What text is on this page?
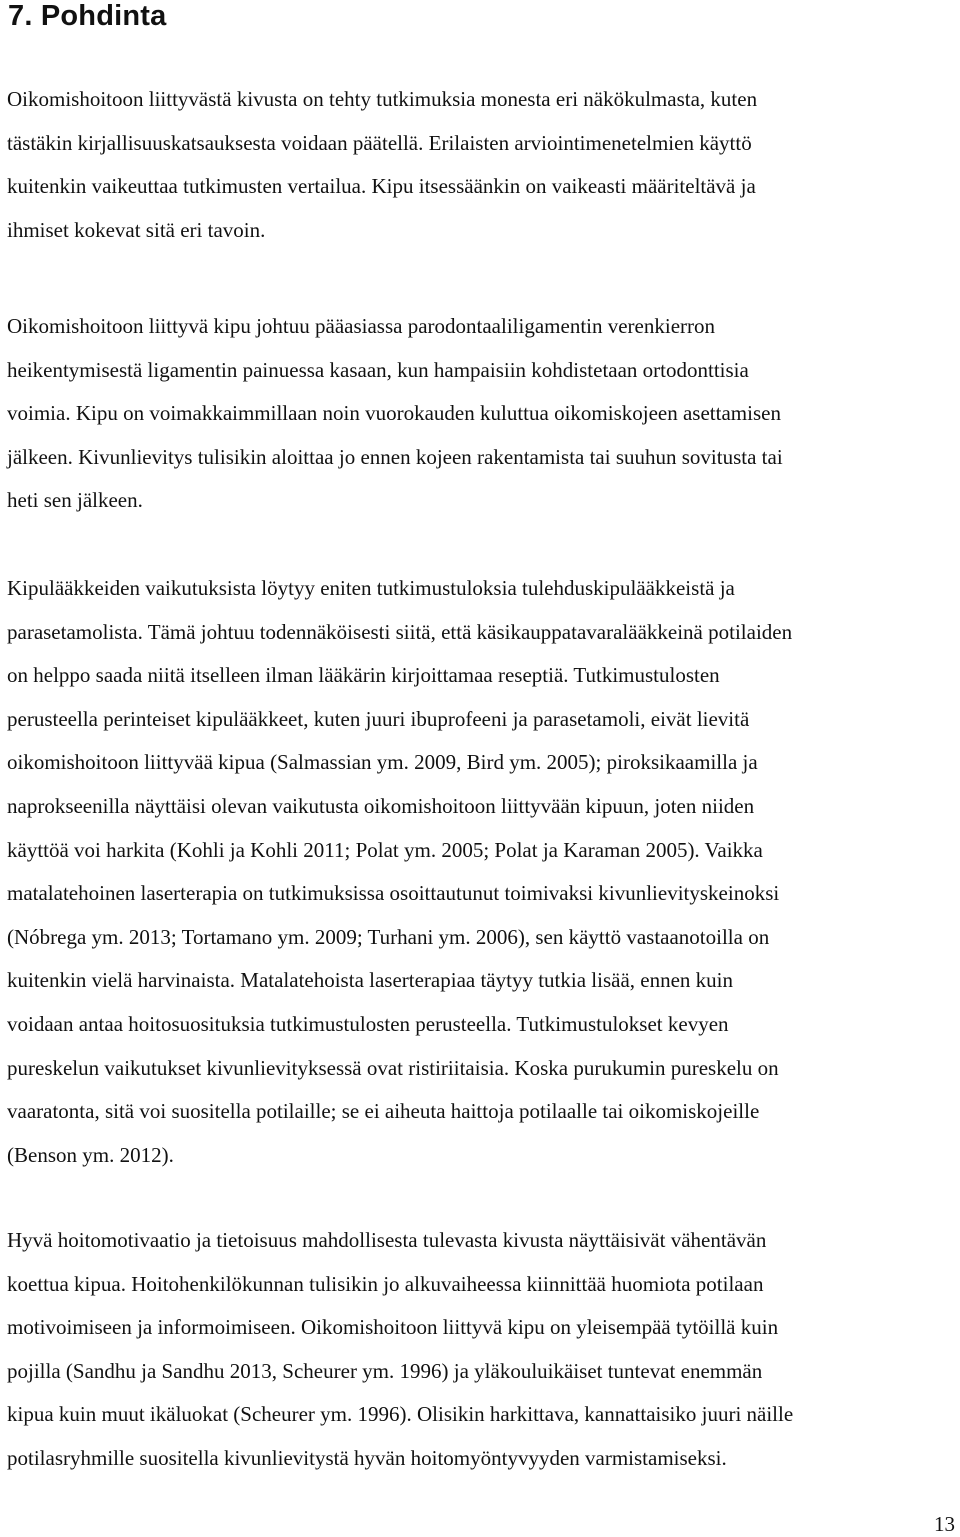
7. Pohdinta

Oikomishoitoon liittyvästä kivusta on tehty tutkimuksia monesta eri näkökulmasta, kuten
tästäkin kirjallisuuskatsauksesta voidaan päätellä. Erilaisten arviointimenetelmien käyttö
kuitenkin vaikeuttaa tutkimusten vertailua. Kipu itsessäänkin on vaikeasti määriteltävä ja
ihmiset kokevat sitä eri tavoin.

Oikomishoitoon liittyvä kipu johtuu pääasiassa parodontaaliligamentin verenkierron
heikentymisestä ligamentin painuessa kasaan, kun hampaisiin kohdistetaan ortodonttisia
voimia. Kipu on voimakkaimmillaan noin vuorokauden kuluttua oikomiskojeen asettamisen
jälkeen. Kivunlievitys tulisikin aloittaa jo ennen kojeen rakentamista tai suuhun sovitusta tai
heti sen jälkeen.

Kipulääkkeiden vaikutuksista löytyy eniten tutkimustuloksia tulehduskipulääkkeistä ja
parasetamolista. Tämä johtuu todennäköisesti siitä, että käsikauppatavaralääkkeinä potilaiden
on helppo saada niitä itselleen ilman lääkärin kirjoittamaa reseptiä. Tutkimustulosten
perusteella perinteiset kipulääkkeet, kuten juuri ibuprofeeni ja parasetamoli, eivät lievitä
oikomishoitoon liittyvää kipua (Salmassian ym. 2009, Bird ym. 2005); piroksikaamilla ja
naprokseenilla näyttäisi olevan vaikutusta oikomishoitoon liittyvään kipuun, joten niiden
käyttöä voi harkita (Kohli ja Kohli 2011; Polat ym. 2005; Polat ja Karaman 2005). Vaikka
matalatehoinen laserterapia on tutkimuksissa osoittautunut toimivaksi kivunlievityskeinoksi
(Nóbrega ym. 2013; Tortamano ym. 2009; Turhani ym. 2006), sen käyttö vastaanotoilla on
kuitenkin vielä harvinaista. Matalatehoista laserterapiaa täytyy tutkia lisää, ennen kuin
voidaan antaa hoitosuosituksia tutkimustulosten perusteella. Tutkimustulokset kevyen
pureskelun vaikutukset kivunlievityksessä ovat ristiriitaisia. Koska purukumin pureskelu on
vaaratonta, sitä voi suositella potilaille; se ei aiheuta haittoja potilaalle tai oikomiskojeille
(Benson ym. 2012).

Hyvä hoitomotivaatio ja tietoisuus mahdollisesta tulevasta kivusta näyttäisivät vähentävän
koettua kipua. Hoitohenkilökunnan tulisikin jo alkuvaiheessa kiinnittää huomiota potilaan
motivoimiseen ja informoimiseen. Oikomishoitoon liittyvä kipu on yleisempää tytöillä kuin
pojilla (Sandhu ja Sandhu 2013, Scheurer ym. 1996) ja yläkouluikäiset tuntevat enemmän
kipua kuin muut ikäluokat (Scheurer ym. 1996). Olisikin harkittava, kannattaisiko juuri näille
potilasryhmille suositella kivunlievitystä hyvän hoitomyöntyvyyden varmistamiseksi.

13
